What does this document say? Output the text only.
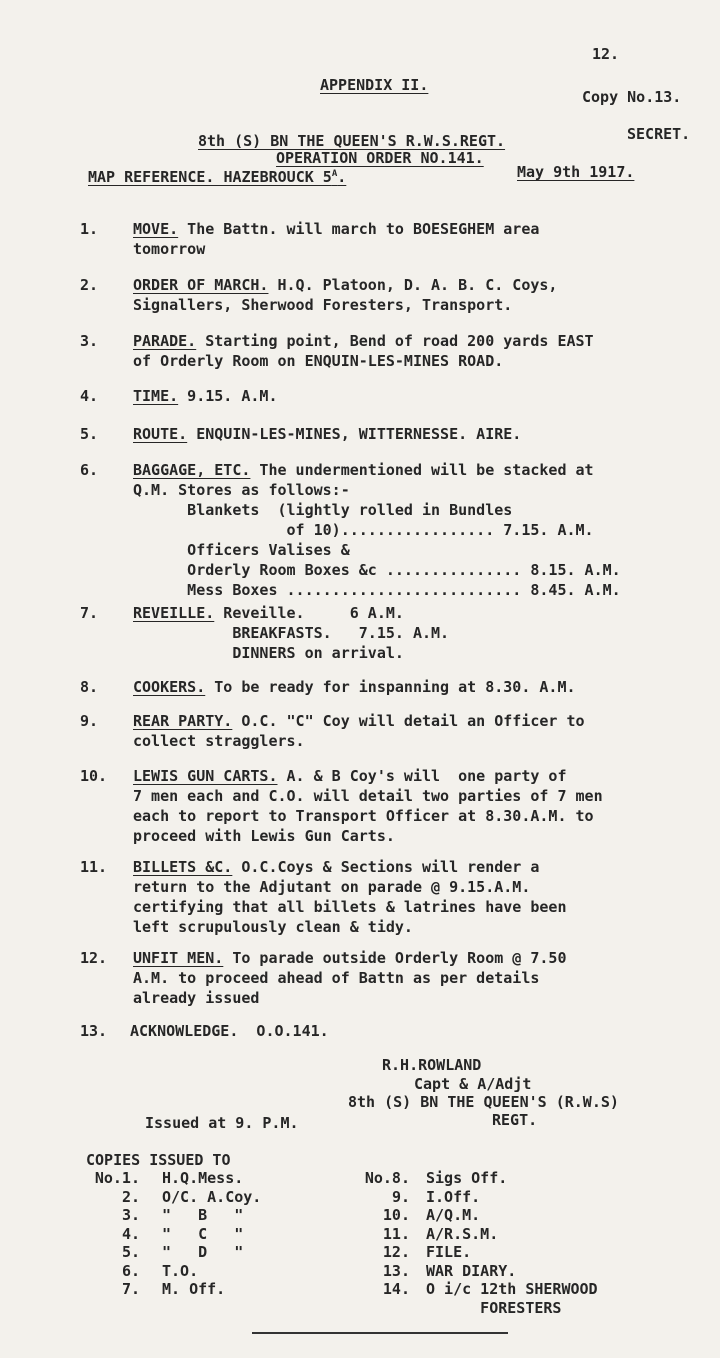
12.
APPENDIX II.
Copy No.13.
8th (S) BN THE QUEEN'S R.W.S.REGT.	SECRET.
OPERATION ORDER NO.141.
MAP REFERENCE. HAZEBROUCK $5^A$.	May 9th 1917.
1. MOVE. The Battn. will march to BOESEGHEM area
tomorrow
2. ORDER OF MARCH. H.Q. Platoon, D. A. B. C. Coys,
Signallers, Sherwood Foresters, Transport.
3. PARADE. Starting point, Bend of road 200 yards EAST
of Orderly Room on ENQUIN-LES-MINES ROAD.
4. TIME. 9.15. A.M.
5. ROUTE. ENQUIN-LES-MINES, WITTERNESSE. AIRE.
6. BAGGAGE, ETC. The undermentioned will be stacked at
Q.M. Stores as follows:-
Blankets  (lightly rolled in Bundles
of 10)................. 7.15. A.M.
Officers Valises &
Orderly Room Boxes &c ............... 8.15. A.M.
Mess Boxes .......................... 8.45. A.M.
7. REVEILLE. Reveille.     6 A.M.
BREAKFASTS.   7.15. A.M.
DINNERS on arrival.
8. COOKERS. To be ready for inspanning at 8.30. A.M.
9. REAR PARTY. O.C. "C" Coy will detail an Officer to
collect stragglers.
10. LEWIS GUN CARTS. A. & B Coy's will  one party of
7 men each and C.O. will detail two parties of 7 men
each to report to Transport Officer at 8.30.A.M. to
proceed with Lewis Gun Carts.
11. BILLETS &C. O.C.Coys & Sections will render a
return to the Adjutant on parade @ 9.15.A.M.
certifying that all billets & latrines have been
left scrupulously clean & tidy.
12. UNFIT MEN. To parade outside Orderly Room @ 7.50
A.M. to proceed ahead of Battn as per details
already issued
13. ACKNOWLEDGE.  O.O.141.
R.H.ROWLAND
Capt & A/Adjt
8th (S) BN THE QUEEN'S (R.W.S)
REGT.
Issued at 9. P.M.
COPIES ISSUED TO
No.1. H.Q.Mess.
2. O/C. A.Coy.
3. "   B   "
4. "   C   "
5. "   D   "
6. T.O.
7. M. Off.
No.8. Sigs Off.
9. I.Off.
10. A/Q.M.
11. A/R.S.M.
12. FILE.
13. WAR DIARY.
14. O i/c 12th SHERWOOD
FORESTERS
